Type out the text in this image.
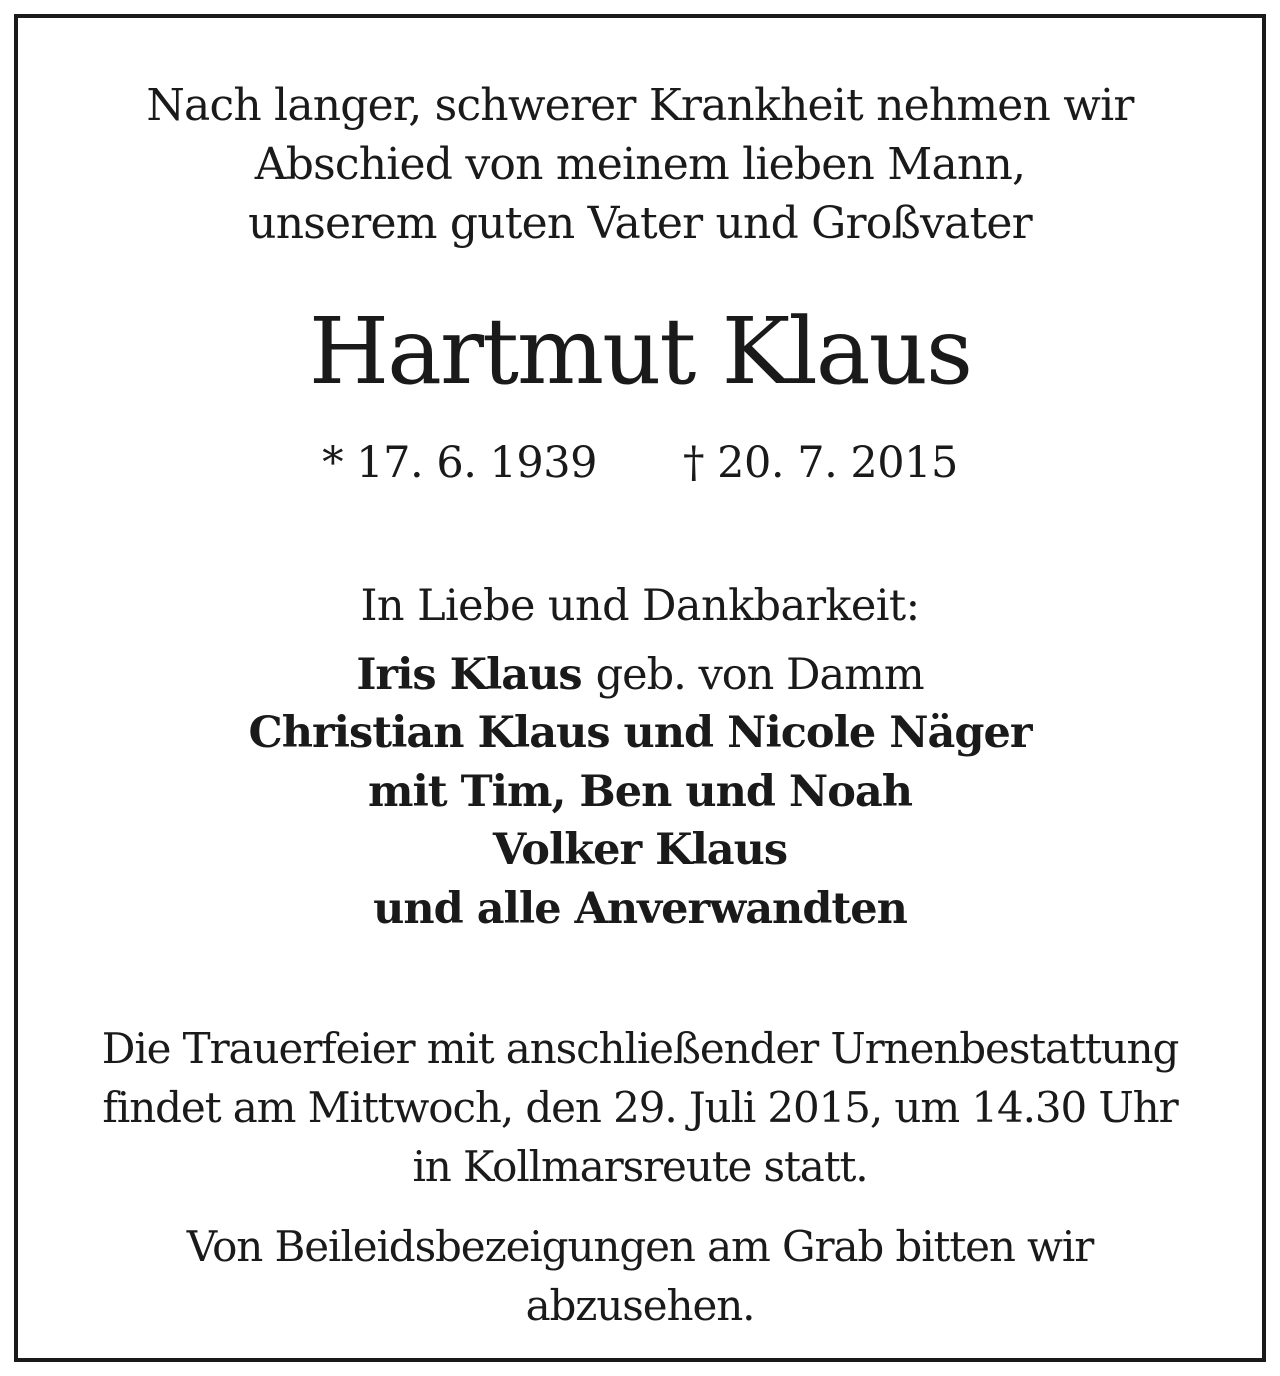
Nach langer, schwerer Krankheit nehmen wir
Abschied von meinem lieben Mann,
unserem guten Vater und Großvater
Hartmut Klaus
* 17. 6. 1939 † 20. 7. 2015
In Liebe und Dankbarkeit:
Iris Klaus geb. von Damm
Christian Klaus und Nicole Näger
mit Tim, Ben und Noah
Volker Klaus
und alle Anverwandten
Die Trauerfeier mit anschließender Urnenbestattung
findet am Mittwoch, den 29. Juli 2015, um 14.30 Uhr
in Kollmarsreute statt.
Von Beileidsbezeigungen am Grab bitten wir
abzusehen.
